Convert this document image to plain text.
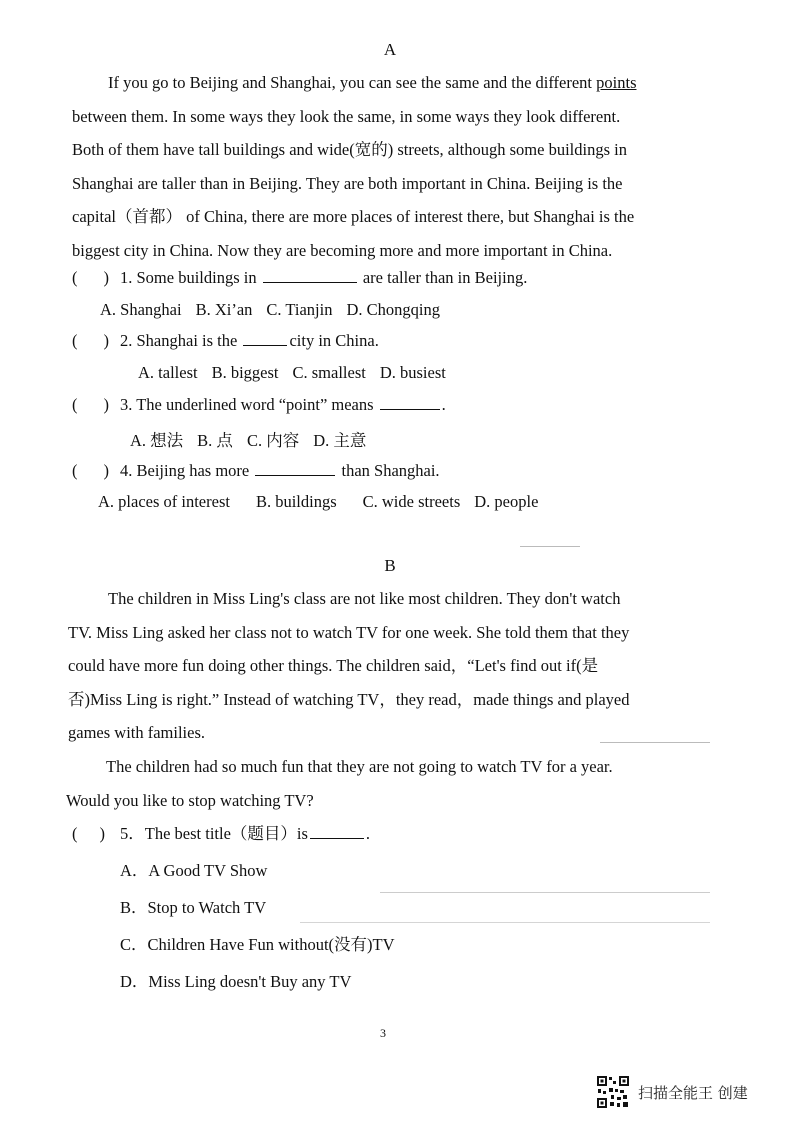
A
If you go to Beijing and Shanghai, you can see the same and the different points
between them. In some ways they look the same, in some ways they look different.
Both of them have tall buildings and wide(宽的) streets, although some buildings in
Shanghai are taller than in Beijing. They are both important in China. Beijing is the
capital（首都） of China, there are more places of interest there, but Shanghai is the
biggest city in China. Now they are becoming more and more important in China.
( ) 1. Some buildings in	are taller than in Beijing.
A. Shanghai B. Xi’an C. Tianjin D. Chongqing
( ) 2. Shanghai is the	city in China.
A. tallest B. biggest C. smallest D. busiest
( ) 3. The underlined word “point” means	.
A. 想法 B. 点 C. 内容 D. 主意
( ) 4. Beijing has more	than Shanghai.
A. places of interest B. buildings C. wide streets D. people
B
The children in Miss Ling's class are not like most children. They don't watch
TV. Miss Ling asked her class not to watch TV for one week. She told them that they
could have more fun doing other things. The children said，“Let's find out if(是
否)Miss Ling is right.” Instead of watching TV，they read，made things and played
games with families.
The children had so much fun that they are not going to watch TV for a year.
Would you like to stop watching TV?
( ) 5．The best title（题目）is	.
A．A Good TV Show
B．Stop to Watch TV
C．Children Have Fun without(没有)TV
D．Miss Ling doesn't Buy any TV
3
扫描全能王 创建
